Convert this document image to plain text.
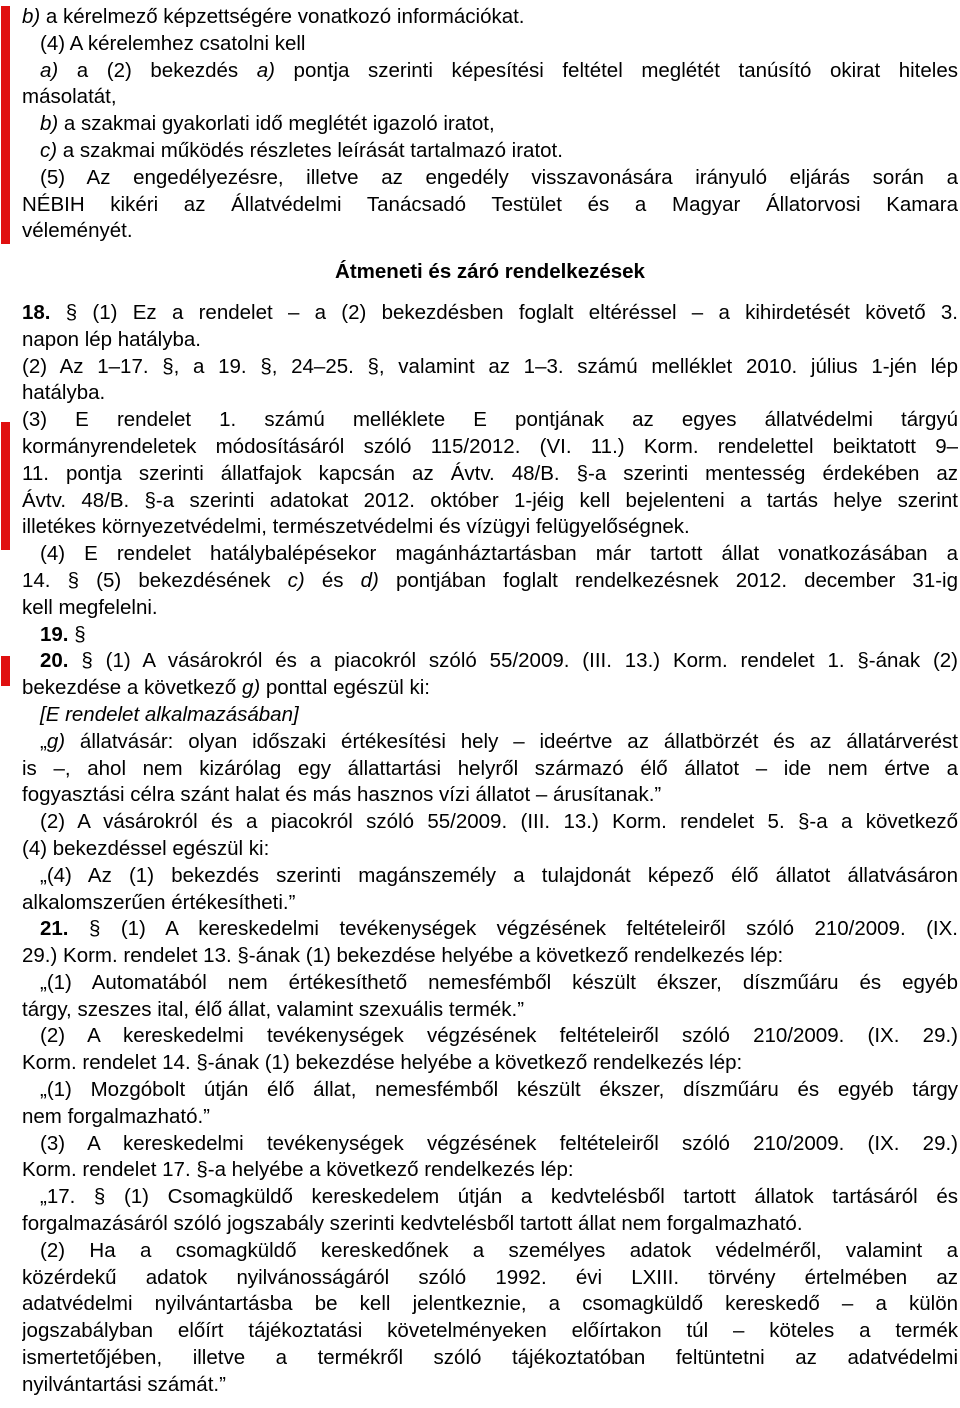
b) a kérelmező képzettségére vonatkozó információkat.
(4) A kérelemhez csatolni kell
a) a (2) bekezdés a) pontja szerinti képesítési feltétel meglétét tanúsító okirat hiteles
másolatát,
b) a szakmai gyakorlati idő meglétét igazoló iratot,
c) a szakmai működés részletes leírását tartalmazó iratot.
(5) Az engedélyezésre, illetve az engedély visszavonására irányuló eljárás során a
NÉBIH kikéri az Állatvédelmi Tanácsadó Testület és a Magyar Állatorvosi Kamara
véleményét.
Átmeneti és záró rendelkezések
18. § (1) Ez a rendelet – a (2) bekezdésben foglalt eltéréssel – a kihirdetését követő 3.
napon lép hatályba.
(2) Az 1–17. §, a 19. §, 24–25. §, valamint az 1–3. számú melléklet 2010. július 1-jén lép
hatályba.
(3) E rendelet 1. számú melléklete E pontjának az egyes állatvédelmi tárgyú
kormányrendeletek módosításáról szóló 115/2012. (VI. 11.) Korm. rendelettel beiktatott 9–
11. pontja szerinti állatfajok kapcsán az Ávtv. 48/B. §-a szerinti mentesség érdekében az
Ávtv. 48/B. §-a szerinti adatokat 2012. október 1-jéig kell bejelenteni a tartás helye szerint
illetékes környezetvédelmi, természetvédelmi és vízügyi felügyelőségnek.
(4) E rendelet hatálybalépésekor magánháztartásban már tartott állat vonatkozásában a
14. § (5) bekezdésének c) és d) pontjában foglalt rendelkezésnek 2012. december 31-ig
kell megfelelni.
19. §
20. § (1) A vásárokról és a piacokról szóló 55/2009. (III. 13.) Korm. rendelet 1. §-ának (2)
bekezdése a következő g) ponttal egészül ki:
[E rendelet alkalmazásában]
„g) állatvásár: olyan időszaki értékesítési hely – ideértve az állatbörzét és az állatárverést
is –, ahol nem kizárólag egy állattartási helyről származó élő állatot – ide nem értve a
fogyasztási célra szánt halat és más hasznos vízi állatot – árusítanak.”
(2) A vásárokról és a piacokról szóló 55/2009. (III. 13.) Korm. rendelet 5. §-a a következő
(4) bekezdéssel egészül ki:
„(4) Az (1) bekezdés szerinti magánszemély a tulajdonát képező élő állatot állatvásáron
alkalomszerűen értékesítheti.”
21. § (1) A kereskedelmi tevékenységek végzésének feltételeiről szóló 210/2009. (IX.
29.) Korm. rendelet 13. §-ának (1) bekezdése helyébe a következő rendelkezés lép:
„(1) Automatából nem értékesíthető nemesfémből készült ékszer, díszműáru és egyéb
tárgy, szeszes ital, élő állat, valamint szexuális termék.”
(2) A kereskedelmi tevékenységek végzésének feltételeiről szóló 210/2009. (IX. 29.)
Korm. rendelet 14. §-ának (1) bekezdése helyébe a következő rendelkezés lép:
„(1) Mozgóbolt útján élő állat, nemesfémből készült ékszer, díszműáru és egyéb tárgy
nem forgalmazható.”
(3) A kereskedelmi tevékenységek végzésének feltételeiről szóló 210/2009. (IX. 29.)
Korm. rendelet 17. §-a helyébe a következő rendelkezés lép:
„17. § (1) Csomagküldő kereskedelem útján a kedvtelésből tartott állatok tartásáról és
forgalmazásáról szóló jogszabály szerinti kedvtelésből tartott állat nem forgalmazható.
(2) Ha a csomagküldő kereskedőnek a személyes adatok védelméről, valamint a
közérdekű adatok nyilvánosságáról szóló 1992. évi LXIII. törvény értelmében az
adatvédelmi nyilvántartásba be kell jelentkeznie, a csomagküldő kereskedő – a külön
jogszabályban előírt tájékoztatási követelményeken előírtakon túl – köteles a termék
ismertetőjében, illetve a termékről szóló tájékoztatóban feltüntetni az adatvédelmi
nyilvántartási számát.”
